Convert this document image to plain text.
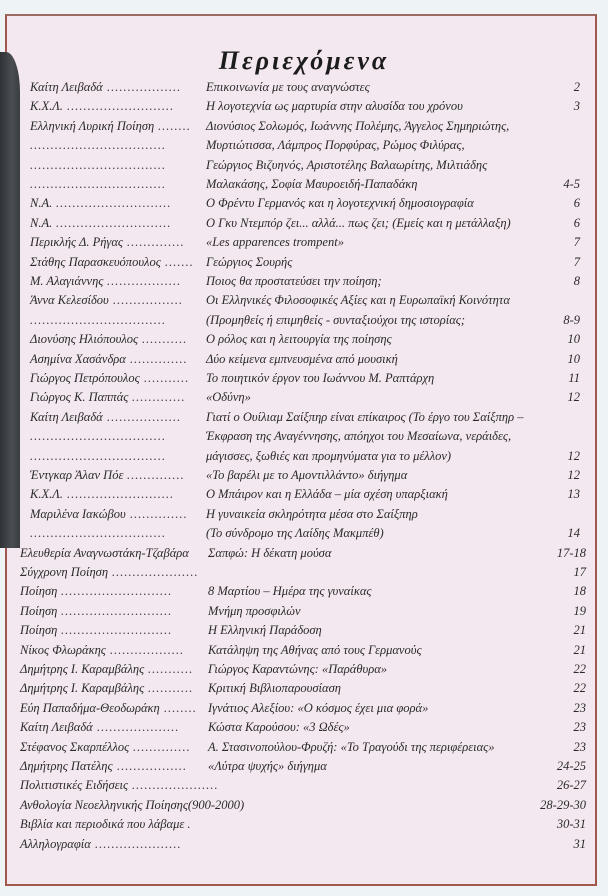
Περιεχόμενα
Καίτη Λειβαδά .................. Επικοινωνία με τους αναγνώστες	2
Κ.Χ.Λ. ..........................	Η λογοτεχνία ως μαρτυρία στην αλυσίδα του χρόνου	3
Ελληνική Λυρική Ποίηση ........ Διονύσιος Σολωμός, Ιωάννης Πολέμης, Άγγελος Σημηριώτης,
.................................	Μυρτιώτισσα, Λάμπρος Πορφύρας, Ρώμος Φιλύρας,
.................................	Γεώργιος Βιζυηνός, Αριστοτέλης Βαλαωρίτης, Μιλτιάδης
.................................	Μαλακάσης, Σοφία Μαυροειδή-Παπαδάκη	4-5
Ν.Α. ............................	Ο Φρέντυ Γερμανός και η λογοτεχνική δημοσιογραφία	6
Ν.Α. ............................	Ο Γκυ Ντεμπόρ ζει... αλλά... πως ζει; (Εμείς και η μετάλλαξη)	6
Περικλής Δ. Ρήγας .............. «Les apparences trompent»	7
Στάθης Παρασκευόπουλος ....... Γεώργιος Σουρής	7
Μ. Αλαγιάννης .................. Ποιος θα προστατεύσει την ποίηση;	8
Άννα Κελεσίδου ................. Οι Ελληνικές Φιλοσοφικές Αξίες και η Ευρωπαϊκή Κοινότητα
.................................	(Προμηθείς ή επιμηθείς - συνταξιούχοι της ιστορίας;	8-9
Διονύσης Ηλιόπουλος ........... Ο ρόλος και η λειτουργία της ποίησης	10
Ασημίνα Χασάνδρα .............. Δύο κείμενα εμπνευσμένα από μουσική	10
Γιώργος Πετρόπουλος ........... Το ποιητικόν έργον του Ιωάννου Μ. Ραπτάρχη	11
Γιώργος Κ. Παππάς ............. «Οδύνη»	12
Καίτη Λειβαδά .................. Γιατί ο Ουίλιαμ Σαίξπηρ είναι επίκαιρος (Το έργο του Σαίξπηρ –
.................................	Έκφραση της Αναγέννησης, απόηχοι του Μεσαίωνα, νεράιδες,
.................................	μάγισσες, ξωθιές και προμηνύματα για το μέλλον)	12
Έντγκαρ Άλαν Πόε .............. «Το βαρέλι με το Αμοντιλλάντο» διήγημα	12
Κ.Χ.Λ. ..........................	Ο Μπάιρον και η Ελλάδα – μία σχέση υπαρξιακή	13
Μαριλένα Ιακώβου .............. Η γυναικεία σκληρότητα μέσα στο Σαίξπηρ
.................................	(Το σύνδρομο της Λαίδης Μακμπέθ)	14
Ελευθερία Αναγνωστάκη-Τζαβάρα Σαπφώ: Η δέκατη μούσα	17-18
Σύγχρονη Ποίηση .....................	17
Ποίηση ...........................	8 Μαρτίου – Ημέρα της γυναίκας	18
Ποίηση ...........................	Μνήμη προσφιλών	19
Ποίηση ...........................	Η Ελληνική Παράδοση	21
Νίκος Φλωράκης .................. Κατάληψη της Αθήνας από τους Γερμανούς	21
Δημήτρης Ι. Καραμβάλης ........... Γιώργος Καραντώνης: «Παράθυρα»	22
Δημήτρης Ι. Καραμβάλης ........... Κριτική Βιβλιοπαρουσίαση	22
Εύη Παπαδήμα-Θεοδωράκη ........ Ιγνάτιος Αλεξίου: «Ο κόσμος έχει μια φορά»	23
Καίτη Λειβαδά .................... Κώστα Καρούσου: «3 Ωδές»	23
Στέφανος Σκαρπέλλος .............. Α. Στασινοπούλου-Φρυζή: «Το Τραγούδι της περιφέρειας»	23
Δημήτρης Πατέλης ................. «Λύτρα ψυχής» διήγημα	24-25
Πολιτιστικές Ειδήσεις .....................	26-27
Ανθολογία Νεοελληνικής Ποίησης(900-2000)	28-29-30
Βιβλία και περιοδικά που λάβαμε .	30-31
Αλληλογραφία .....................	31
